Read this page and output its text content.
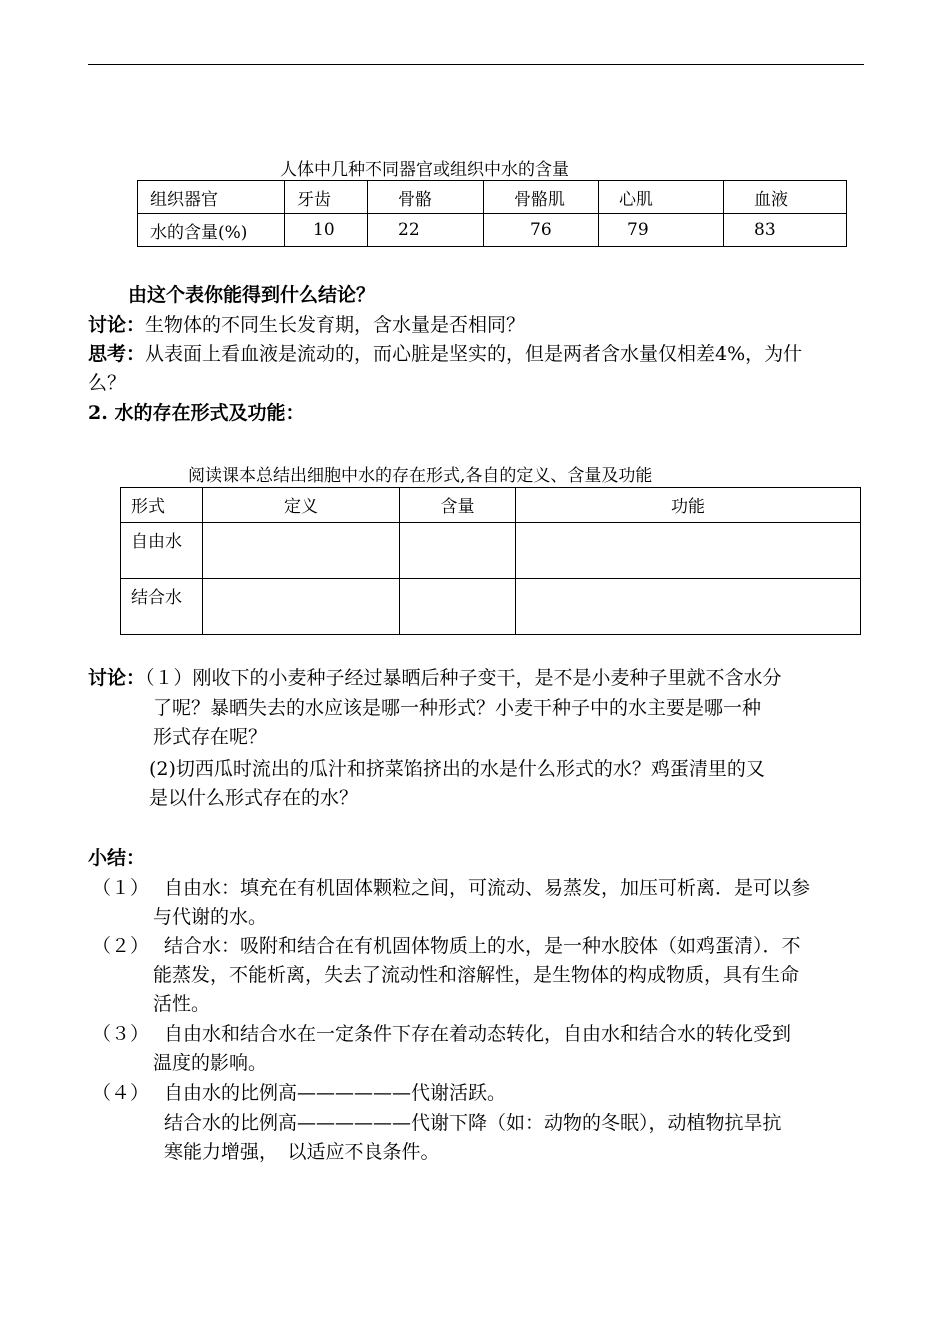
人体中几种不同器官或组织中水的含量
组织器官	牙齿	骨骼	骨骼肌	心肌	血液
水的含量(%)	10	22	76	79	83
由这个表你能得到什么结论？
讨论：生物体的不同生长发育期，含水量是否相同？
思考：从表面上看血液是流动的，而心脏是坚实的，但是两者含水量仅相差4%，为什
么？
2. 水的存在形式及功能：
阅读课本总结出细胞中水的存在形式,各自的定义、含量及功能
形式	定义	含量	功能
自由水			
结合水			
讨论：（１）刚收下的小麦种子经过暴晒后种子变干，是不是小麦种子里就不含水分
了呢？暴晒失去的水应该是哪一种形式？小麦干种子中的水主要是哪一种
形式存在呢？
(2)切西瓜时流出的瓜汁和挤菜馅挤出的水是什么形式的水？鸡蛋清里的又
是以什么形式存在的水？
小结：
（１） 自由水：填充在有机固体颗粒之间，可流动、易蒸发，加压可析离．是可以参
与代谢的水。
（２） 结合水：吸附和结合在有机固体物质上的水，是一种水胶体（如鸡蛋清）．不
能蒸发，不能析离，失去了流动性和溶解性，是生物体的构成物质，具有生命
活性。
（３） 自由水和结合水在一定条件下存在着动态转化，自由水和结合水的转化受到
温度的影响。
（４） 自由水的比例高——————代谢活跃。
结合水的比例高——————代谢下降（如：动物的冬眠），动植物抗旱抗
寒能力增强，　以适应不良条件。
